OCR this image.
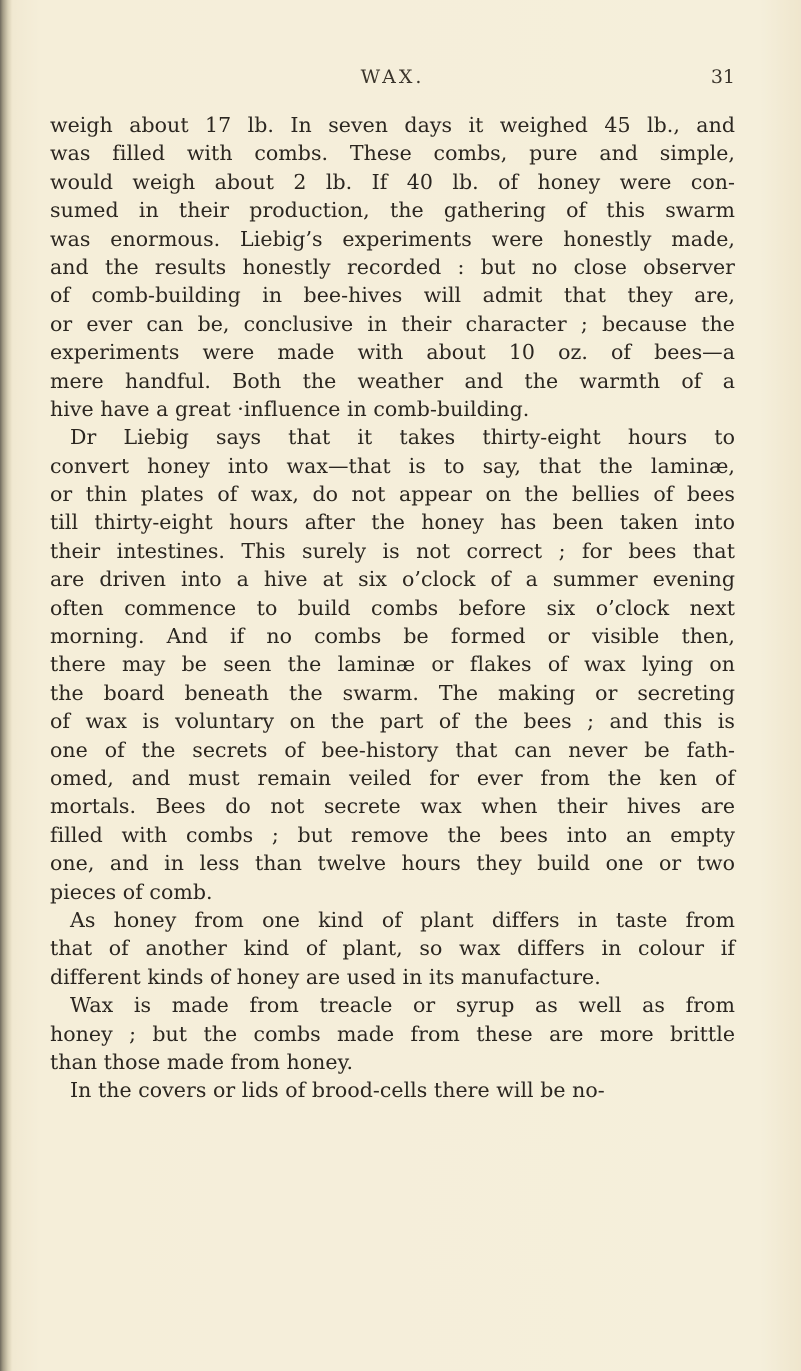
WAX.	31
weigh about 17 lb. In seven days it weighed 45 lb., and
was filled with combs. These combs, pure and simple,
would weigh about 2 lb. If 40 lb. of honey were con-
sumed in their production, the gathering of this swarm
was enormous. Liebig’s experiments were honestly made,
and the results honestly recorded : but no close observer
of comb-building in bee-hives will admit that they are,
or ever can be, conclusive in their character ; because the
experiments were made with about 10 oz. of bees—a
mere handful. Both the weather and the warmth of a
hive have a great ·influence in comb-building.
Dr Liebig says that it takes thirty-eight hours to
convert honey into wax—that is to say, that the laminæ,
or thin plates of wax, do not appear on the bellies of bees
till thirty-eight hours after the honey has been taken into
their intestines. This surely is not correct ; for bees that
are driven into a hive at six o’clock of a summer evening
often commence to build combs before six o’clock next
morning. And if no combs be formed or visible then,
there may be seen the laminæ or flakes of wax lying on
the board beneath the swarm. The making or secreting
of wax is voluntary on the part of the bees ; and this is
one of the secrets of bee-history that can never be fath-
omed, and must remain veiled for ever from the ken of
mortals. Bees do not secrete wax when their hives are
filled with combs ; but remove the bees into an empty
one, and in less than twelve hours they build one or two
pieces of comb.
As honey from one kind of plant differs in taste from
that of another kind of plant, so wax differs in colour if
different kinds of honey are used in its manufacture.
Wax is made from treacle or syrup as well as from
honey ; but the combs made from these are more brittle
than those made from honey.
In the covers or lids of brood-cells there will be no-
